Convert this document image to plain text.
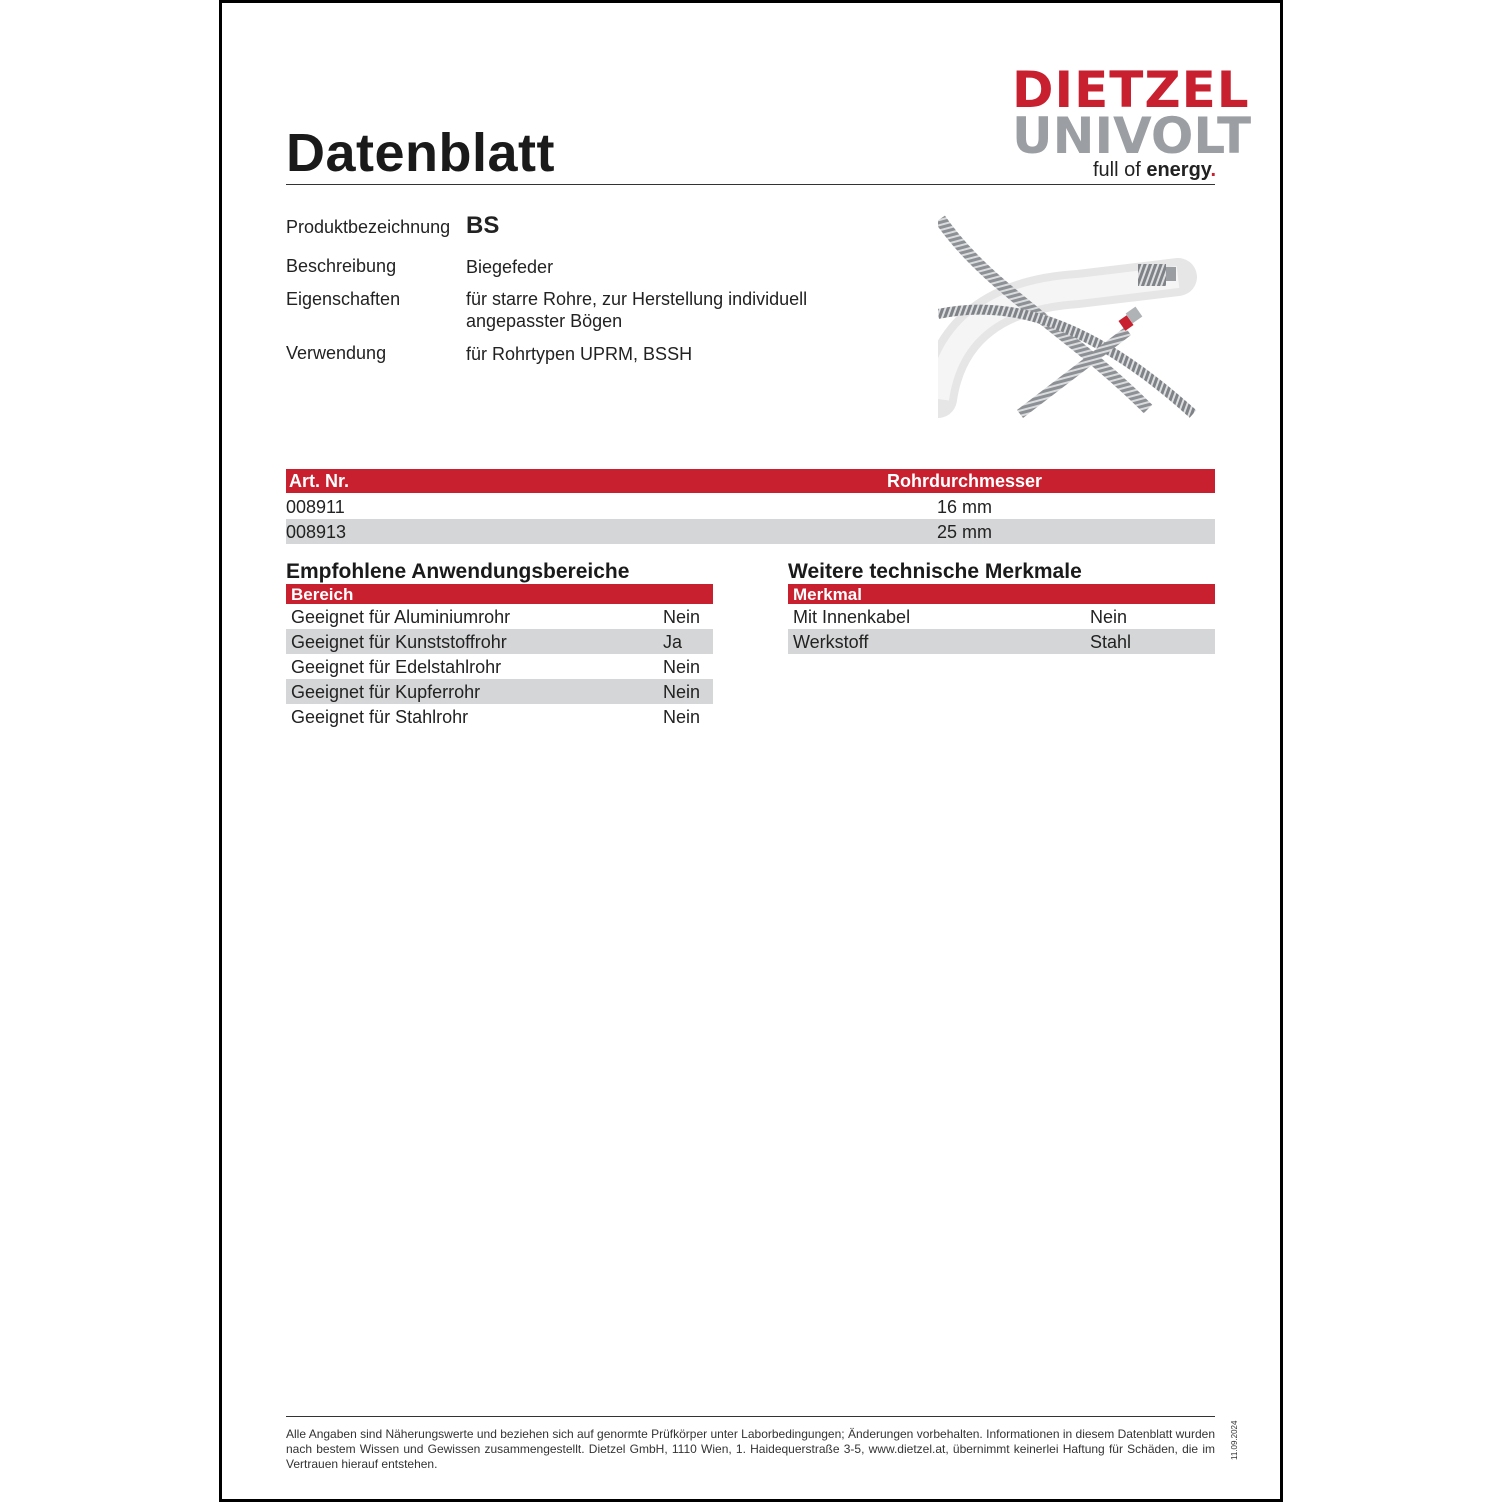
Datenblatt
DIETZEL
UNIVOLT
full of energy.
Produktbezeichnung BS
Beschreibung	Biegefeder
Eigenschaften	für starre Rohre, zur Herstellung individuell angepasster Bögen
Verwendung	für Rohrtypen UPRM, BSSH
Art. Nr.	Rohrdurchmesser
008911	16 mm
008913	25 mm
Empfohlene Anwendungsbereiche
Bereich
Geeignet für Aluminiumrohr	Nein
Geeignet für Kunststoffrohr	Ja
Geeignet für Edelstahlrohr	Nein
Geeignet für Kupferrohr	Nein
Geeignet für Stahlrohr	Nein
Weitere technische Merkmale
Merkmal
Mit Innenkabel	Nein
Werkstoff	Stahl
Alle Angaben sind Näherungswerte und beziehen sich auf genormte Prüfkörper unter Laborbedingungen; Änderungen vorbehalten. Informationen in diesem Datenblatt wurden nach bestem Wissen und Gewissen zusammengestellt. Dietzel GmbH, 1110 Wien, 1. Haidequerstraße 3-5, www.dietzel.at, übernimmt keinerlei Haftung für Schäden, die im Vertrauen hierauf entstehen.
11.09.2024
